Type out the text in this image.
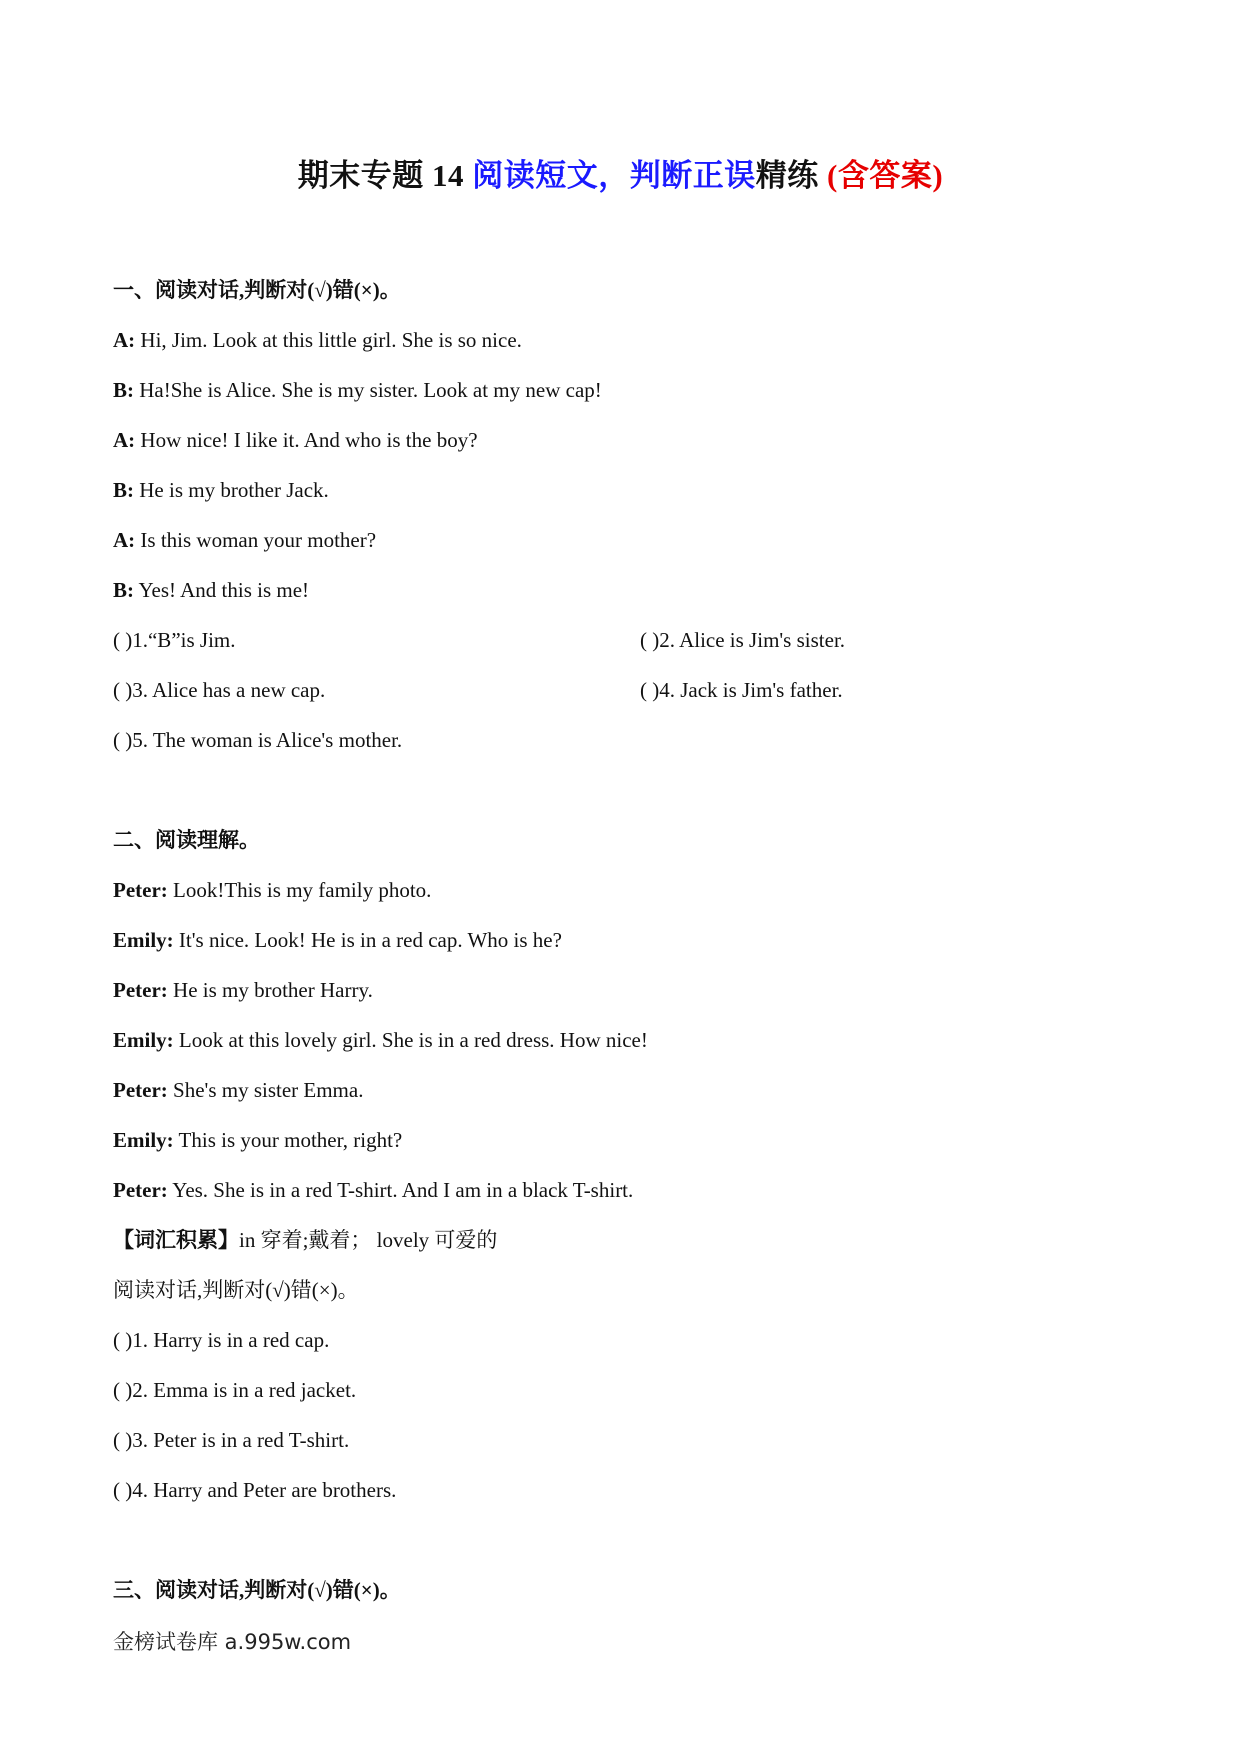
期末专题 14 阅读短文，判断正误精练 (含答案)
一、阅读对话,判断对(√)错(×)。
A: Hi, Jim. Look at this little girl. She is so nice.
B: Ha!She is Alice. She is my sister. Look at my new cap!
A: How nice! I like it. And who is the boy?
B: He is my brother Jack.
A: Is this woman your mother?
B: Yes! And this is me!
( )1.“B”is Jim.	( )2. Alice is Jim's sister.
( )3. Alice has a new cap.	( )4. Jack is Jim's father.
( )5. The woman is Alice's mother.
二、阅读理解。
Peter: Look!This is my family photo.
Emily: It's nice. Look! He is in a red cap. Who is he?
Peter: He is my brother Harry.
Emily: Look at this lovely girl. She is in a red dress. How nice!
Peter: She's my sister Emma.
Emily: This is your mother, right?
Peter: Yes. She is in a red T-shirt. And I am in a black T-shirt.
【词汇积累】in 穿着;戴着； lovely 可爱的
阅读对话,判断对(√)错(×)。
( )1. Harry is in a red cap.
( )2. Emma is in a red jacket.
( )3. Peter is in a red T-shirt.
( )4. Harry and Peter are brothers.
三、阅读对话,判断对(√)错(×)。
金榜试卷库 a.995w.com
